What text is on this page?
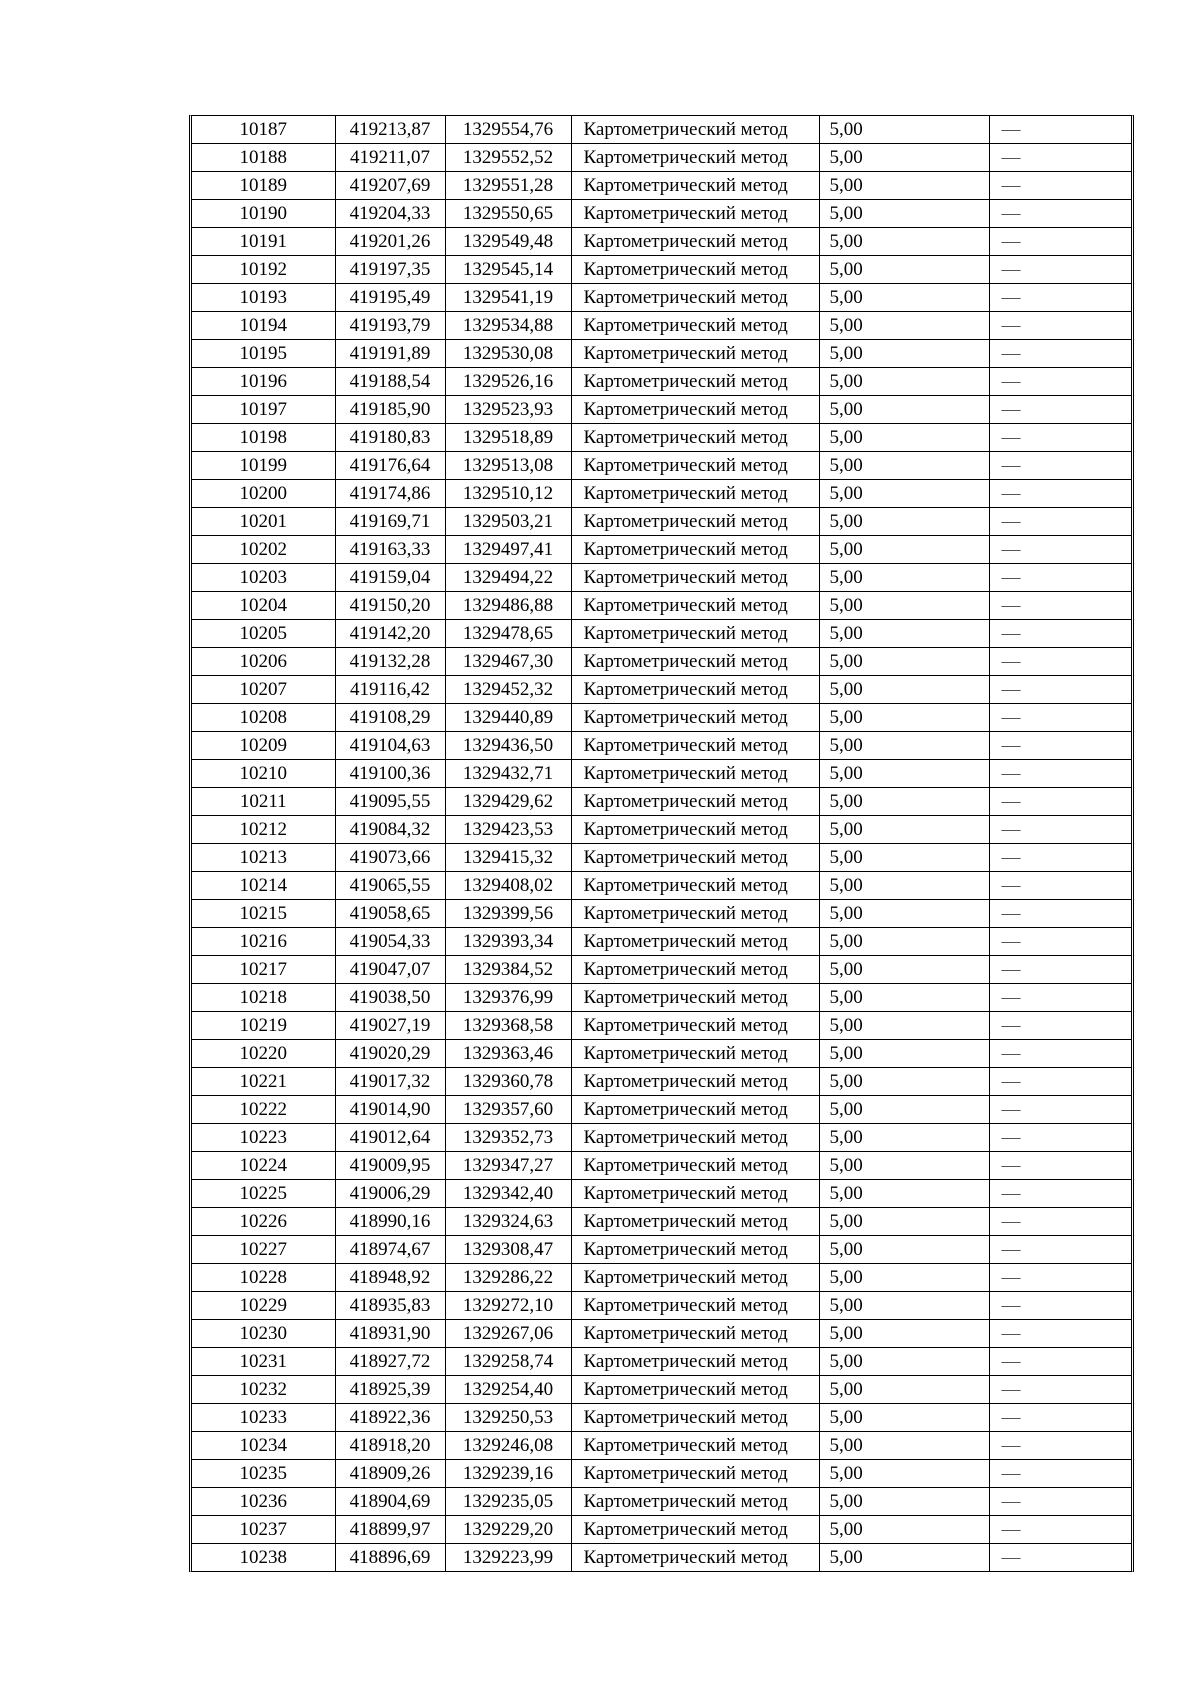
10187	419213,87	1329554,76	Картометрический метод	5,00	—
10188	419211,07	1329552,52	Картометрический метод	5,00	—
10189	419207,69	1329551,28	Картометрический метод	5,00	—
10190	419204,33	1329550,65	Картометрический метод	5,00	—
10191	419201,26	1329549,48	Картометрический метод	5,00	—
10192	419197,35	1329545,14	Картометрический метод	5,00	—
10193	419195,49	1329541,19	Картометрический метод	5,00	—
10194	419193,79	1329534,88	Картометрический метод	5,00	—
10195	419191,89	1329530,08	Картометрический метод	5,00	—
10196	419188,54	1329526,16	Картометрический метод	5,00	—
10197	419185,90	1329523,93	Картометрический метод	5,00	—
10198	419180,83	1329518,89	Картометрический метод	5,00	—
10199	419176,64	1329513,08	Картометрический метод	5,00	—
10200	419174,86	1329510,12	Картометрический метод	5,00	—
10201	419169,71	1329503,21	Картометрический метод	5,00	—
10202	419163,33	1329497,41	Картометрический метод	5,00	—
10203	419159,04	1329494,22	Картометрический метод	5,00	—
10204	419150,20	1329486,88	Картометрический метод	5,00	—
10205	419142,20	1329478,65	Картометрический метод	5,00	—
10206	419132,28	1329467,30	Картометрический метод	5,00	—
10207	419116,42	1329452,32	Картометрический метод	5,00	—
10208	419108,29	1329440,89	Картометрический метод	5,00	—
10209	419104,63	1329436,50	Картометрический метод	5,00	—
10210	419100,36	1329432,71	Картометрический метод	5,00	—
10211	419095,55	1329429,62	Картометрический метод	5,00	—
10212	419084,32	1329423,53	Картометрический метод	5,00	—
10213	419073,66	1329415,32	Картометрический метод	5,00	—
10214	419065,55	1329408,02	Картометрический метод	5,00	—
10215	419058,65	1329399,56	Картометрический метод	5,00	—
10216	419054,33	1329393,34	Картометрический метод	5,00	—
10217	419047,07	1329384,52	Картометрический метод	5,00	—
10218	419038,50	1329376,99	Картометрический метод	5,00	—
10219	419027,19	1329368,58	Картометрический метод	5,00	—
10220	419020,29	1329363,46	Картометрический метод	5,00	—
10221	419017,32	1329360,78	Картометрический метод	5,00	—
10222	419014,90	1329357,60	Картометрический метод	5,00	—
10223	419012,64	1329352,73	Картометрический метод	5,00	—
10224	419009,95	1329347,27	Картометрический метод	5,00	—
10225	419006,29	1329342,40	Картометрический метод	5,00	—
10226	418990,16	1329324,63	Картометрический метод	5,00	—
10227	418974,67	1329308,47	Картометрический метод	5,00	—
10228	418948,92	1329286,22	Картометрический метод	5,00	—
10229	418935,83	1329272,10	Картометрический метод	5,00	—
10230	418931,90	1329267,06	Картометрический метод	5,00	—
10231	418927,72	1329258,74	Картометрический метод	5,00	—
10232	418925,39	1329254,40	Картометрический метод	5,00	—
10233	418922,36	1329250,53	Картометрический метод	5,00	—
10234	418918,20	1329246,08	Картометрический метод	5,00	—
10235	418909,26	1329239,16	Картометрический метод	5,00	—
10236	418904,69	1329235,05	Картометрический метод	5,00	—
10237	418899,97	1329229,20	Картометрический метод	5,00	—
10238	418896,69	1329223,99	Картометрический метод	5,00	—
